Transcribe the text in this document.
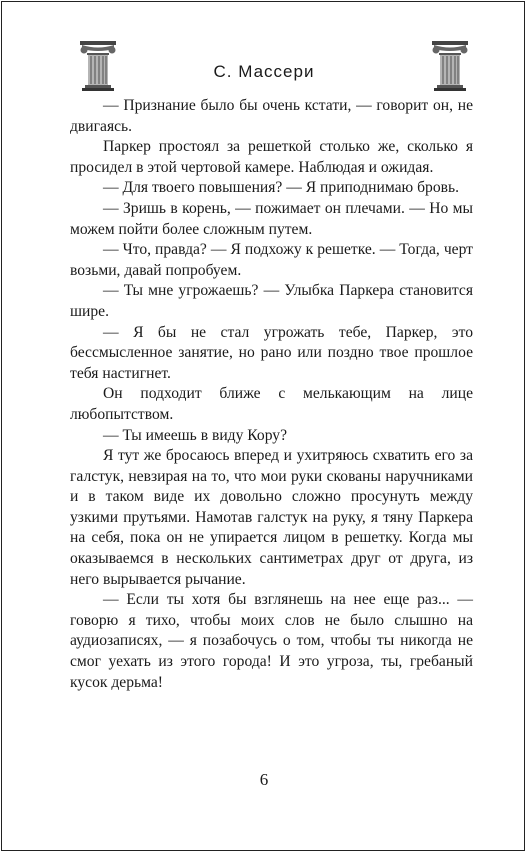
С. Массери

— Признание было бы очень кстати, — говорит он, не двигаясь.

Паркер простоял за решеткой столько же, сколько я просидел в этой чертовой камере. Наблюдая и ожидая.

— Для твоего повышения? — Я приподнимаю бровь.

— Зришь в корень, — пожимает он плечами. — Но мы можем пойти более сложным путем.

— Что, правда? — Я подхожу к решетке. — Тогда, черт возьми, давай попробуем.

— Ты мне угрожаешь? — Улыбка Паркера становится шире.

— Я бы не стал угрожать тебе, Паркер, это бессмысленное занятие, но рано или поздно твое прошлое тебя настигнет.

Он подходит ближе с мелькающим на лице любопытством.

— Ты имеешь в виду Кору?

Я тут же бросаюсь вперед и ухитряюсь схватить его за галстук, невзирая на то, что мои руки скованы наручниками и в таком виде их довольно сложно просунуть между узкими прутьями. Намотав галстук на руку, я тяну Паркера на себя, пока он не упирается лицом в решетку. Когда мы оказываемся в нескольких сантиметрах друг от друга, из него вырывается рычание.

— Если ты хотя бы взглянешь на нее еще раз... — говорю я тихо, чтобы моих слов не было слышно на аудиозаписях, — я позабочусь о том, чтобы ты никогда не смог уехать из этого города! И это угроза, ты, гребаный кусок дерьма!

6
